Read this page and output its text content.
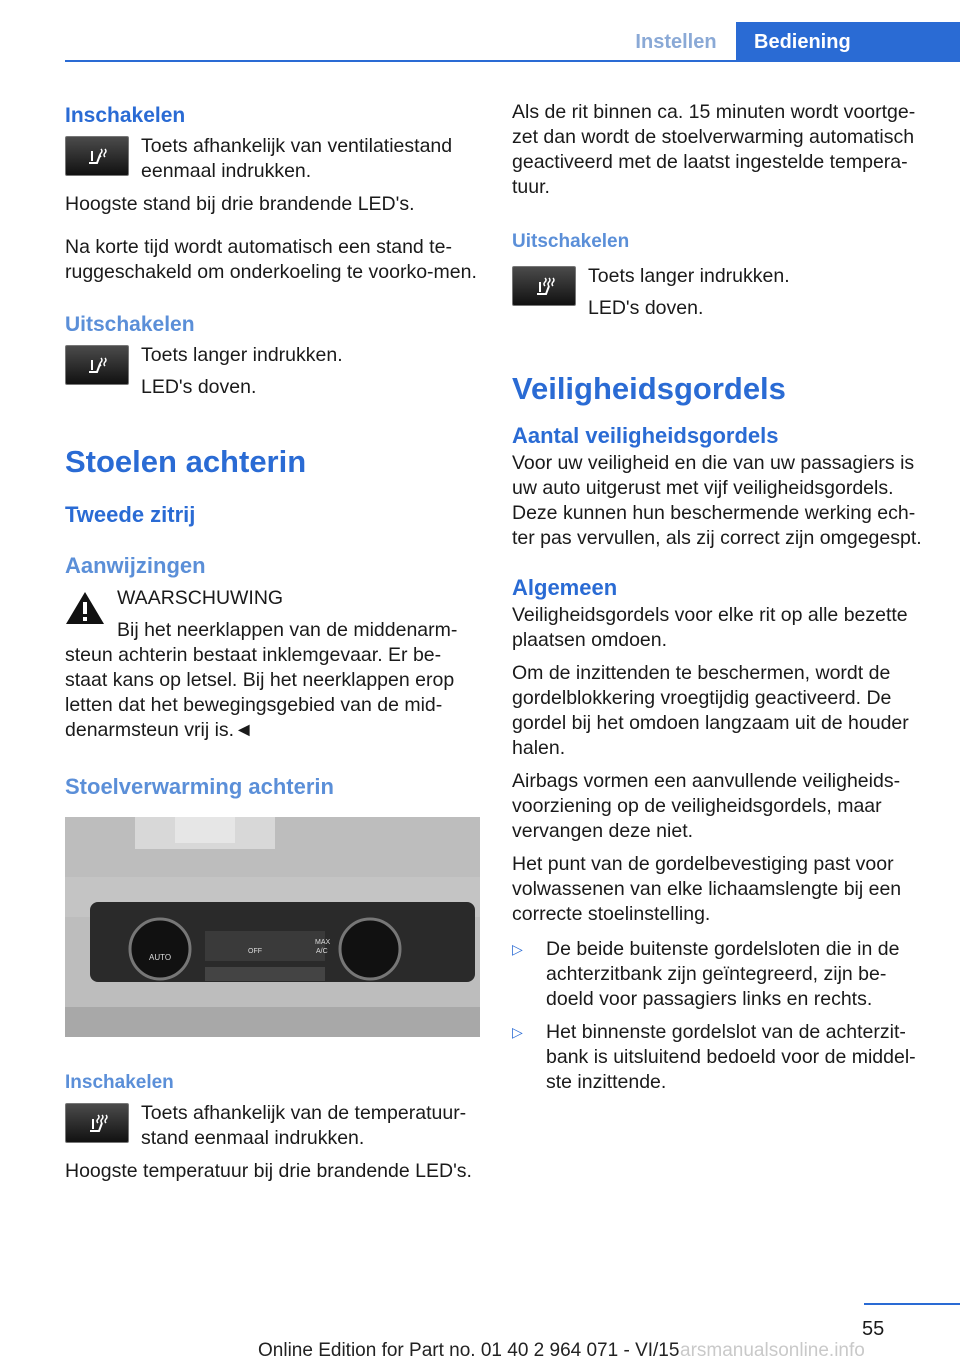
Instellen	Bediening
Inschakelen

Toets afhankelijk van ventilatiestand eenmaal indrukken.

Hoogste stand bij drie brandende LED's.

Na korte tijd wordt automatisch een stand te-ruggeschakeld om onderkoeling te voorko-men.

Uitschakelen

Toets langer indrukken.

LED's doven.

Stoelen achterin
Tweede zitrij
Aanwijzingen

WAARSCHUWING

Bij het neerklappen van de middenarm-

steun achterin bestaat inklemgevaar. Er be-staat kans op letsel. Bij het neerklappen erop letten dat het bewegingsgebied van de mid-denarmsteun vrij is.◄

Stoelverwarming achterin
AUTO
OFF
MAX
A/C
Inschakelen

Toets afhankelijk van de temperatuur-stand eenmaal indrukken.

Hoogste temperatuur bij drie brandende LED's.

Als de rit binnen ca. 15 minuten wordt voortge-zet dan wordt de stoelverwarming automatisch geactiveerd met de laatst ingestelde tempera-tuur.

Uitschakelen

Toets langer indrukken.

LED's doven.

Veiligheidsgordels
Aantal veiligheidsgordels

Voor uw veiligheid en die van uw passagiers is uw auto uitgerust met vijf veiligheidsgordels. Deze kunnen hun beschermende werking ech-ter pas vervullen, als zij correct zijn omgegespt.

Algemeen

Veiligheidsgordels voor elke rit op alle bezette plaatsen omdoen.

Om de inzittenden te beschermen, wordt de gordelblokkering vroegtijdig geactiveerd. De gordel bij het omdoen langzaam uit de houder halen.

Airbags vormen een aanvullende veiligheids-voorziening op de veiligheidsgordels, maar vervangen deze niet.

Het punt van de gordelbevestiging past voor volwassenen van elke lichaamslengte bij een correcte stoelinstelling.

▷	De beide buitenste gordelsloten die in de achterzitbank zijn geïntegreerd, zijn be-doeld voor passagiers links en rechts.
▷	Het binnenste gordelslot van de achterzit-bank is uitsluitend bedoeld voor de middel-ste inzittende.
55
Online Edition for Part no. 01 40 2 964 071 - VI/15 arsmanualsonline.info
